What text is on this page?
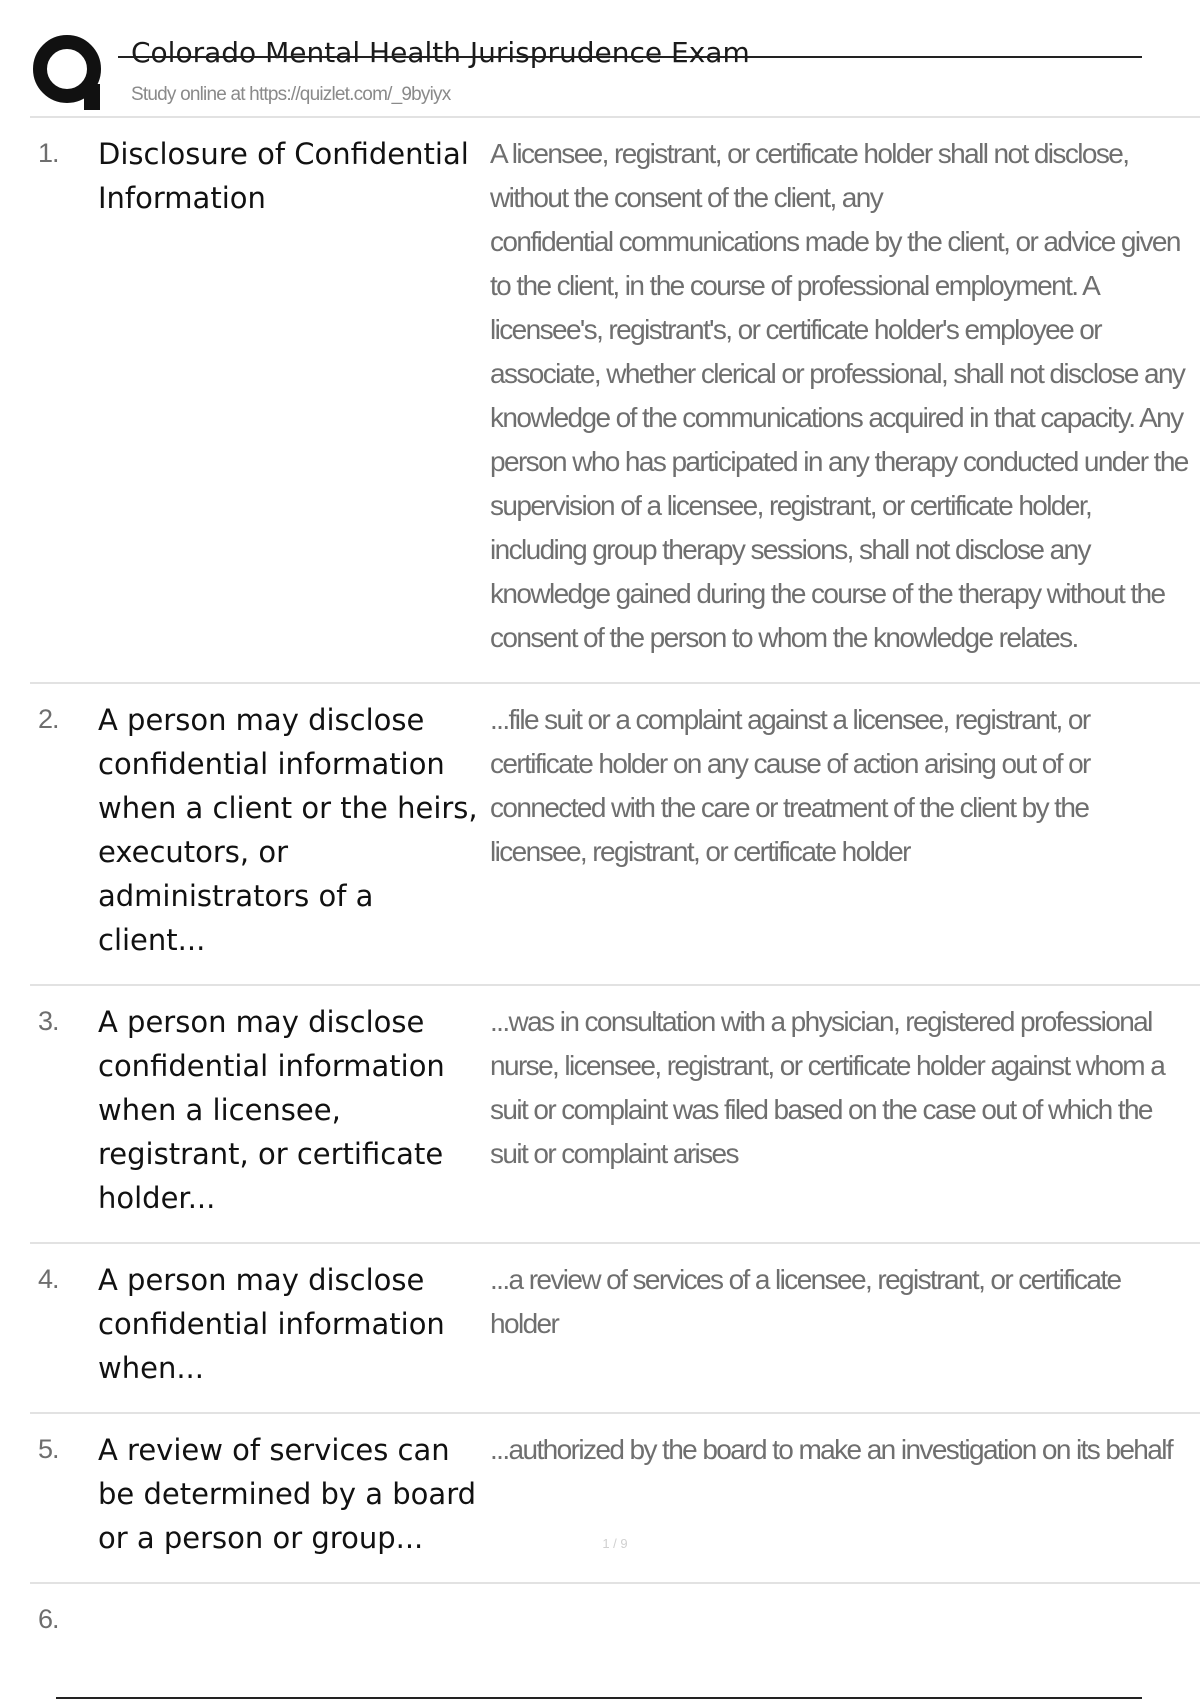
Colorado Mental Health Jurisprudence Exam
Study online at https://quizlet.com/_9byiyx
1.	Disclosure of Confidential Information
A licensee, registrant, or certificate holder shall not disclose, without the consent of the client, any
confidential communications made by the client, or advice given to the client, in the course of professional employment. A licensee's, registrant's, or certificate holder's employee or associate, whether clerical or professional, shall not disclose any knowledge of the communications acquired in that capacity. Any person who has participated in any therapy conducted under the supervision of a licensee, registrant, or certificate holder, including group therapy sessions, shall not disclose any knowledge gained during the course of the therapy without the consent of the person to whom the knowledge relates.
2.	A person may disclose confidential information when a client or the heirs, executors, or administrators of a client...
...file suit or a complaint against a licensee, registrant, or certificate holder on any cause of action arising out of or connected with the care or treatment of the client by the licensee, registrant, or certificate holder
3.	A person may disclose confidential information when a licensee, registrant, or certificate holder...
...was in consultation with a physician, registered professional nurse, licensee, registrant, or certificate holder against whom a suit or complaint was filed based on the case out of which the suit or complaint arises
4.	A person may disclose confidential information when...
...a review of services of a licensee, registrant, or certificate holder
5.	A review of services can be determined by a board or a person or group...
...authorized by the board to make an investigation on its behalf
6.
1 / 9
